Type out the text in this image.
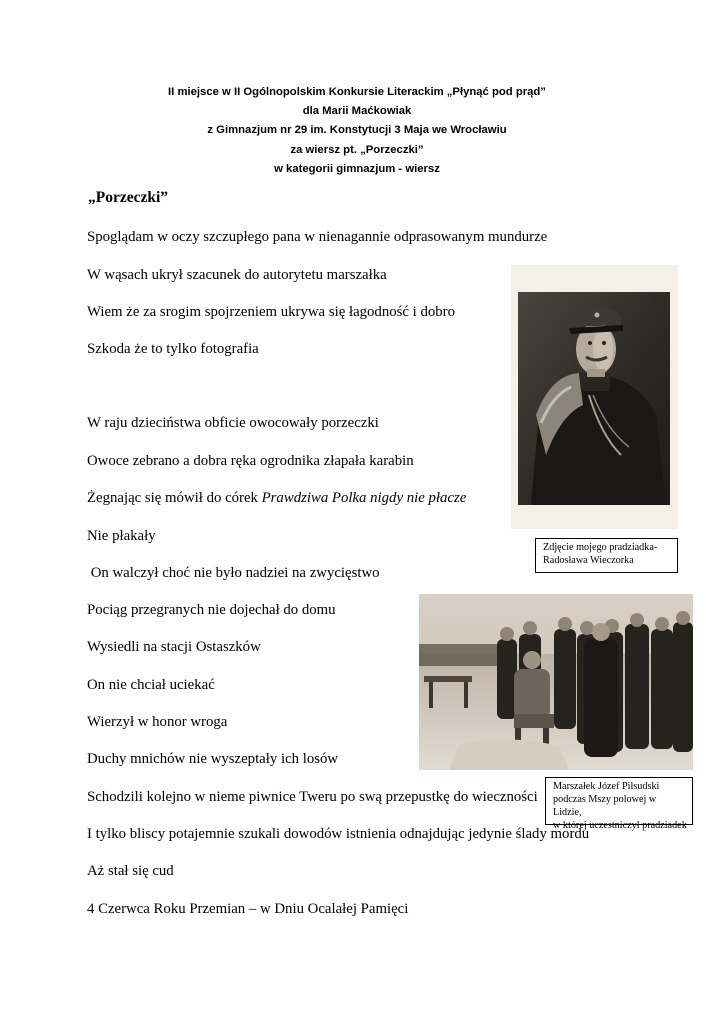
II miejsce w II Ogólnopolskim Konkursie Literackim „Płynąć pod prąd”
dla Marii Maćkowiak
z Gimnazjum nr 29 im. Konstytucji 3 Maja we Wrocławiu
za wiersz pt. „Porzeczki”
w kategorii gimnazjum - wiersz
„Porzeczki”
Spoglądam w oczy szczupłego pana w nienagannie odprasowanym mundurze
W wąsach ukrył szacunek do autorytetu marszałka
Wiem że za srogim spojrzeniem ukrywa się łagodność i dobro
Szkoda że to tylko fotografia
W raju dzieciństwa obficie owocowały porzeczki
Owoce zebrano a dobra ręka ogrodnika złapała karabin
Żegnając się mówił do córek Prawdziwa Polka nigdy nie płacze
Nie płakały
On walczył choć nie było nadziei na zwycięstwo
Pociąg przegranych nie dojechał do domu
Wysiedli na stacji Ostaszków
On nie chciał uciekać
Wierzył w honor wroga
Duchy mnichów nie wyszeptały ich losów
Schodzili kolejno w nieme piwnice Tweru po swą przepustkę do wieczności
I tylko bliscy potajemnie szukali dowodów istnienia odnajdując jedynie ślady mordu
Aż stał się cud
4 Czerwca Roku Przemian – w Dniu Ocalałej Pamięci
Zdjęcie mojego pradziadka-
Radosława Wieczorka
Marszałek Józef Piłsudski
podczas Mszy polowej w Lidzie,
w której uczestniczył pradziadek
